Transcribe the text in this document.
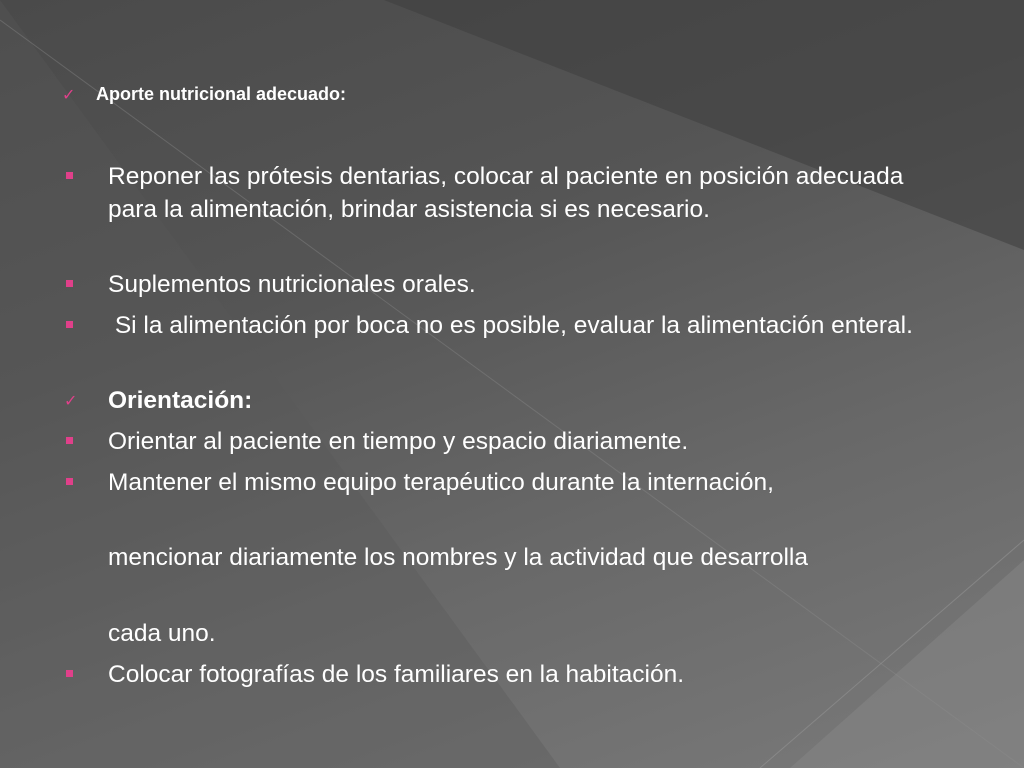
✓	Aporte nutricional adecuado:
Reponer las prótesis dentarias, colocar al paciente en posición adecuada para la alimentación, brindar asistencia si es necesario.
Suplementos nutricionales orales.
Si la alimentación por boca no es posible, evaluar la alimentación enteral.
✓ Orientación:
Orientar al paciente en tiempo y espacio diariamente.
Mantener el mismo equipo terapéutico durante la internación,
mencionar diariamente los nombres y la actividad que desarrolla
cada uno.
Colocar fotografías de los familiares en la habitación.
